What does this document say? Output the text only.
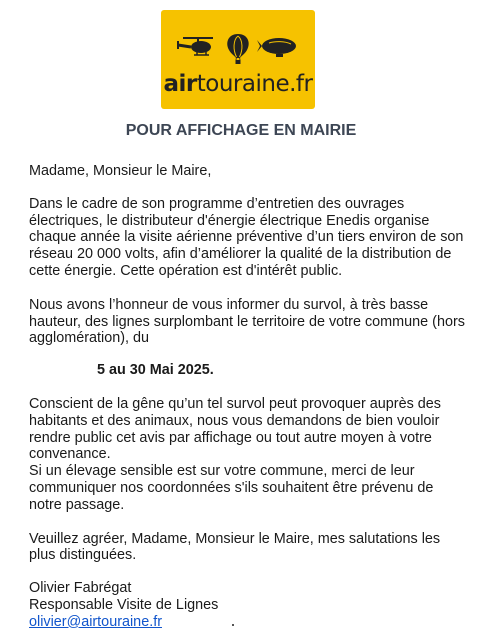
airtouraine.fr
POUR AFFICHAGE EN MAIRIE

Madame, Monsieur le Maire,

Dans le cadre de son programme d’entretien des ouvrages électriques, le distributeur d'énergie électrique Enedis organise chaque année la visite aérienne préventive d’un tiers environ de son réseau 20 000 volts, afin d’améliorer la qualité de la distribution de cette énergie. Cette opération est d'intérêt public.

Nous avons l’honneur de vous informer du survol, à très basse hauteur, des lignes surplombant le territoire de votre commune (hors agglomération), du

5 au 30 Mai 2025.

Conscient de la gêne qu’un tel survol peut provoquer auprès des habitants et des animaux, nous vous demandons de bien vouloir rendre public cet avis par affichage ou tout autre moyen à votre convenance.

Si un élevage sensible est sur votre commune, merci de leur communiquer nos coordonnées s'ils souhaitent être prévenu de notre passage.

Veuillez agréer, Madame, Monsieur le Maire, mes salutations les plus distinguées.

Olivier Fabrégat

Responsable Visite de Lignes

olivier@airtouraine.fr
